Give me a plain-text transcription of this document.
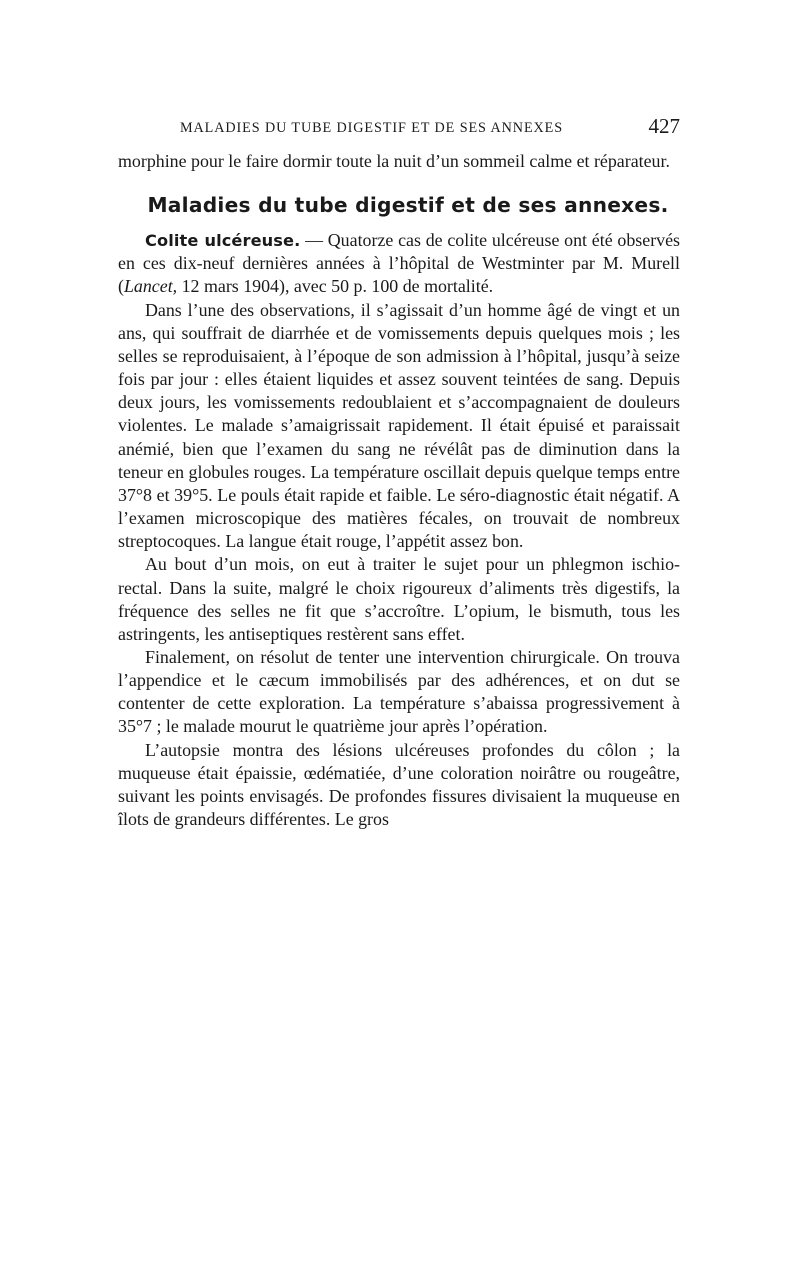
MALADIES DU TUBE DIGESTIF ET DE SES ANNEXES	427

morphine pour le faire dormir toute la nuit d’un sommeil calme et réparateur.

Maladies du tube digestif et de ses annexes.

Colite ulcéreuse. — Quatorze cas de colite ulcéreuse ont été observés en ces dix-neuf dernières années à l’hôpital de Westminter par M. Murell (Lancet, 12 mars 1904), avec 50 p. 100 de mortalité.

Dans l’une des observations, il s’agissait d’un homme âgé de vingt et un ans, qui souffrait de diarrhée et de vomissements depuis quelques mois ; les selles se reproduisaient, à l’époque de son admission à l’hôpital, jusqu’à seize fois par jour : elles étaient liquides et assez souvent teintées de sang. Depuis deux jours, les vomissements redoublaient et s’accompagnaient de douleurs violentes. Le malade s’amaigrissait rapidement. Il était épuisé et paraissait anémié, bien que l’examen du sang ne révélât pas de diminution dans la teneur en globules rouges. La température oscillait depuis quelque temps entre 37°8 et 39°5. Le pouls était rapide et faible. Le séro-diagnostic était négatif. A l’examen microscopique des matières fécales, on trouvait de nombreux streptocoques. La langue était rouge, l’appétit assez bon.

Au bout d’un mois, on eut à traiter le sujet pour un phlegmon ischio-rectal. Dans la suite, malgré le choix rigoureux d’aliments très digestifs, la fréquence des selles ne fit que s’accroître. L’opium, le bismuth, tous les astringents, les antiseptiques restèrent sans effet.

Finalement, on résolut de tenter une intervention chirurgicale. On trouva l’appendice et le cæcum immobilisés par des adhérences, et on dut se contenter de cette exploration. La température s’abaissa progressivement à 35°7 ; le malade mourut le quatrième jour après l’opération.

L’autopsie montra des lésions ulcéreuses profondes du côlon ; la muqueuse était épaissie, œdématiée, d’une coloration noirâtre ou rougeâtre, suivant les points envisagés. De profondes fissures divisaient la muqueuse en îlots de grandeurs différentes. Le gros
